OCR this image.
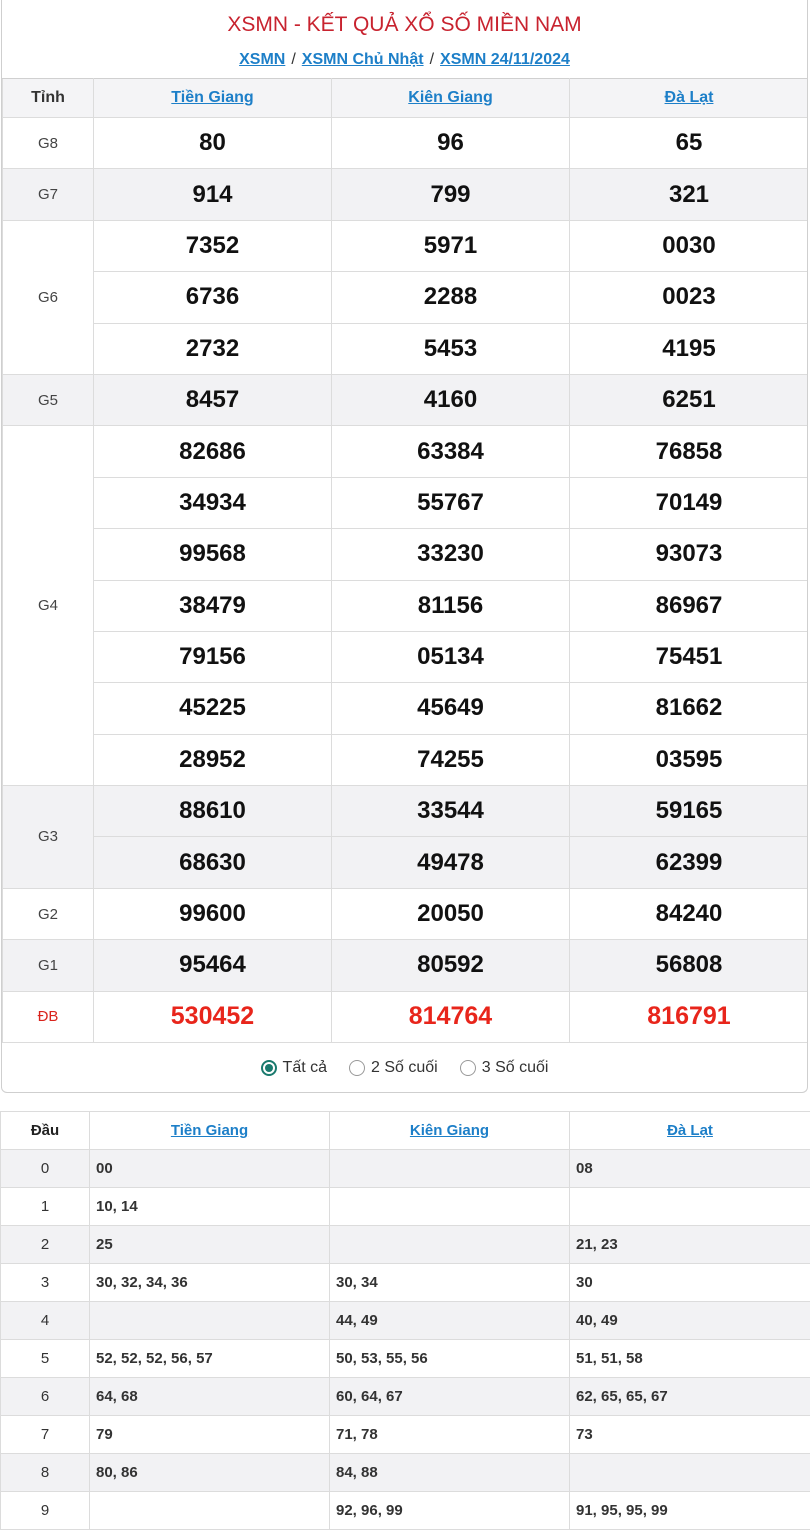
XSMN - KẾT QUẢ XỔ SỐ MIỀN NAM
XSMN / XSMN Chủ Nhật / XSMN 24/11/2024
Tỉnh	Tiền Giang	Kiên Giang	Đà Lạt
G8	80	96	65
G7	914	799	321
G6	7352	5971	0030
	6736	2288	0023
	2732	5453	4195
G5	8457	4160	6251
G4	82686	63384	76858
	34934	55767	70149
	99568	33230	93073
	38479	81156	86967
	79156	05134	75451
	45225	45649	81662
	28952	74255	03595
G3	88610	33544	59165
	68630	49478	62399
G2	99600	20050	84240
G1	95464	80592	56808
ĐB	530452	814764	816791
Tất cả	2 Số cuối	3 Số cuối
Đầu	Tiền Giang	Kiên Giang	Đà Lạt
0	00		08
1	10, 14		
2	25		21, 23
3	30, 32, 34, 36	30, 34	30
4		44, 49	40, 49
5	52, 52, 52, 56, 57	50, 53, 55, 56	51, 51, 58
6	64, 68	60, 64, 67	62, 65, 65, 67
7	79	71, 78	73
8	80, 86	84, 88	
9		92, 96, 99	91, 95, 95, 99
